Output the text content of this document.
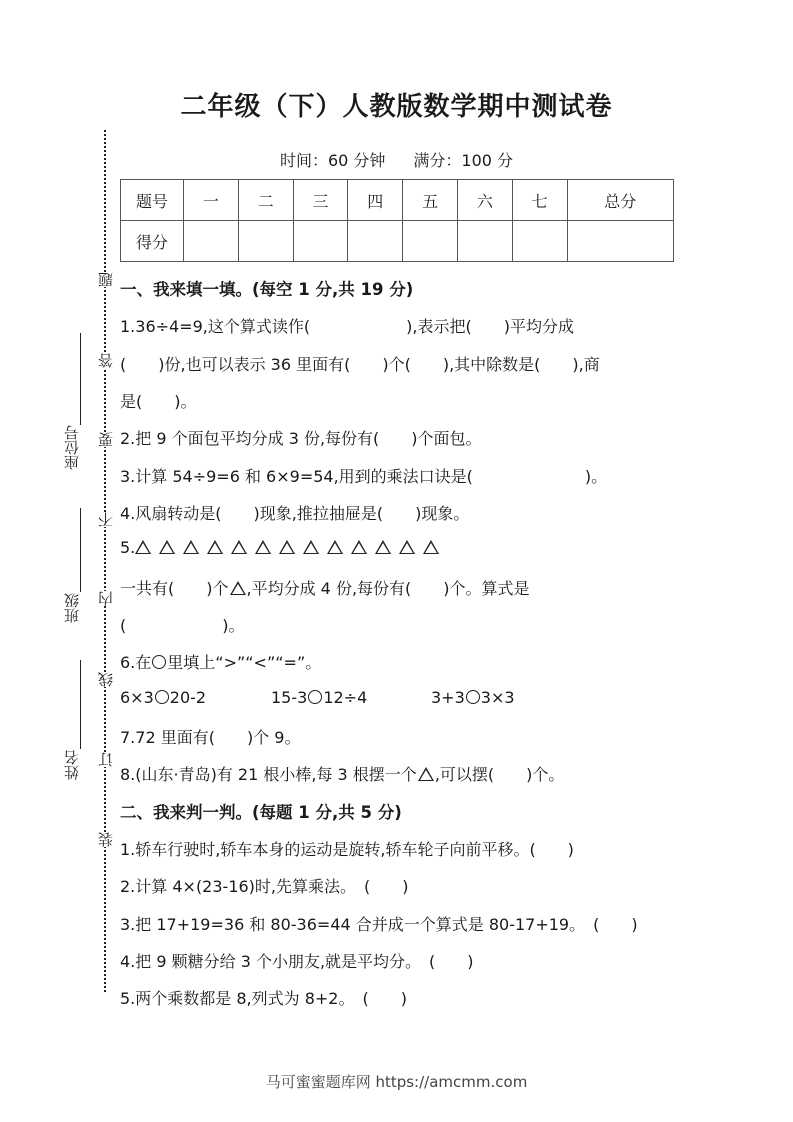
二年级（下）人教版数学期中测试卷
时间：60 分钟 满分：100 分
题号	一	二	三	四	五	六	七	总分
得分								
座位号
班级
姓名
题
答
要
不
内
线
订
装
一、我来填一填。(每空 1 分,共 19 分)
1.36÷4=9,这个算式读作(　　　　　　),表示把(　　)平均分成
(　　)份,也可以表示 36 里面有(　　)个(　　),其中除数是(　　),商
是(　　)。
2.把 9 个面包平均分成 3 份,每份有(　　)个面包。
3.计算 54÷9=6 和 6×9=54,用到的乘法口诀是(　　　　　　　)。
4.风扇转动是(　　)现象,推拉抽屉是(　　)现象。
5.
一共有(　　)个 ,平均分成 4 份,每份有(　　)个。算式是
(　　　　　　)。
6.在 里填上“>”“<”“=”。
6×3 20-2	15-3 12÷4	3+3 3×3
7.72 里面有(　　)个 9。
8.(山东·青岛)有 21 根小棒,每 3 根摆一个 ,可以摆(　　)个。
二、我来判一判。(每题 1 分,共 5 分)
1.轿车行驶时,轿车本身的运动是旋转,轿车轮子向前平移。(　　)
2.计算 4×(23-16)时,先算乘法。　(　　)
3.把 17+19=36 和 80-36=44 合并成一个算式是 80-17+19。　(　　)
4.把 9 颗糖分给 3 个小朋友,就是平均分。　(　　)
5.两个乘数都是 8,列式为 8+2。　(　　)
马可蜜蜜题库网 https://amcmm.com
